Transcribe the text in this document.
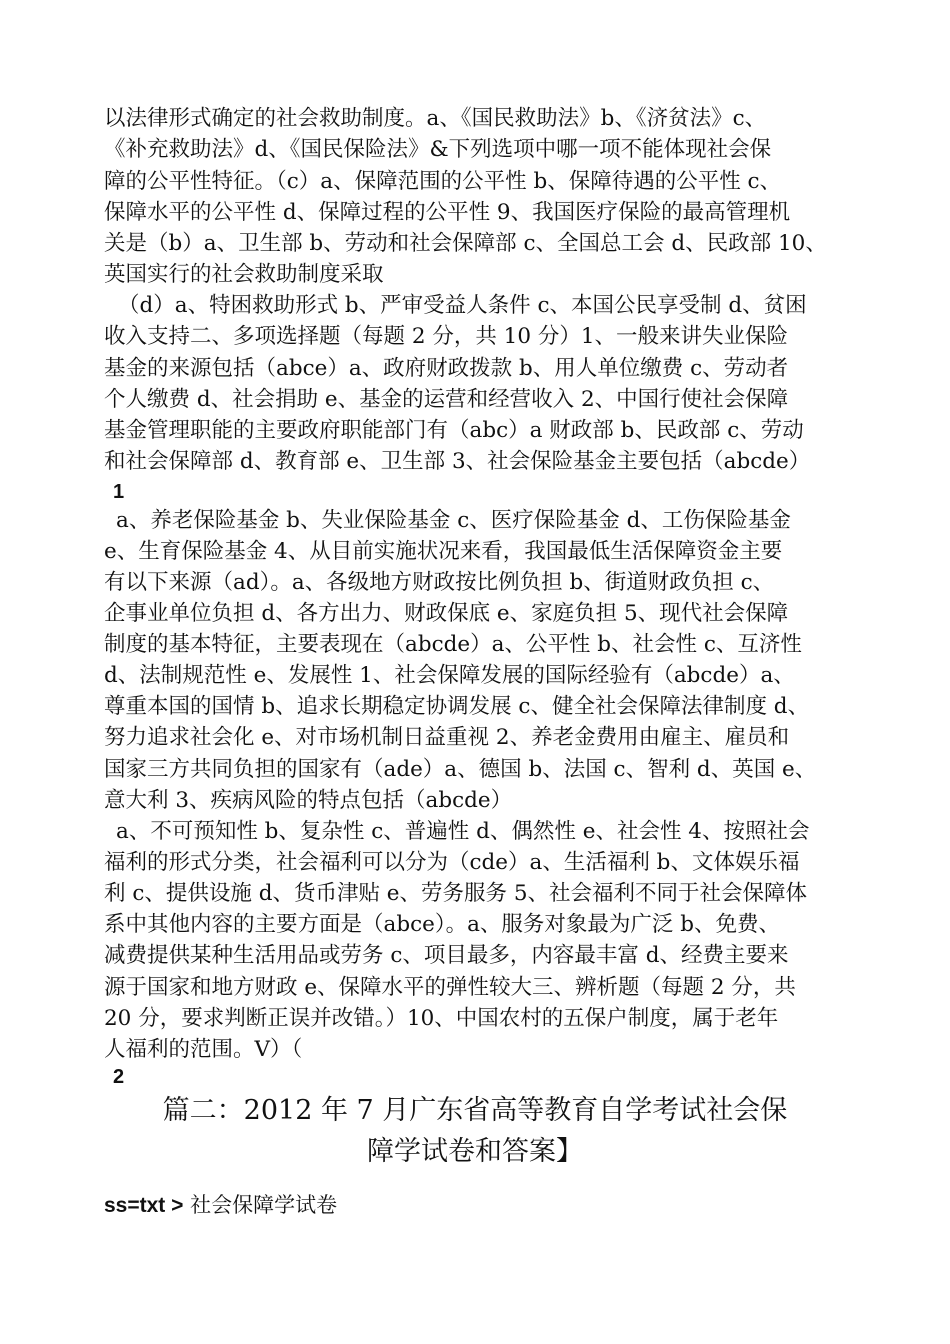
以法律形式确定的社会救助制度。a、《国民救助法》b、《济贫法》c、
《补充救助法》d、《国民保险法》&下列选项中哪一项不能体现社会保
障的公平性特征。（c）a、保障范围的公平性 b、保障待遇的公平性 c、
保障水平的公平性 d、保障过程的公平性 9、我国医疗保险的最高管理机
关是（b）a、卫生部 b、劳动和社会保障部 c、全国总工会 d、民政部 10、
英国实行的社会救助制度采取
（d）a、特困救助形式 b、严审受益人条件 c、本国公民享受制 d、贫困
收入支持二、多项选择题（每题 2 分，共 10 分）1、一般来讲失业保险
基金的来源包括（abce）a、政府财政拨款 b、用人单位缴费 c、劳动者
个人缴费 d、社会捐助 e、基金的运营和经营收入 2、中国行使社会保障
基金管理职能的主要政府职能部门有（abc）a 财政部 b、民政部 c、劳动
和社会保障部 d、教育部 e、卫生部 3、社会保险基金主要包括（abcde）
1
a、养老保险基金 b、失业保险基金 c、医疗保险基金 d、工伤保险基金
e、生育保险基金 4、从目前实施状况来看，我国最低生活保障资金主要
有以下来源（ad）。a、各级地方财政按比例负担 b、街道财政负担 c、
企事业单位负担 d、各方出力、财政保底 e、家庭负担 5、现代社会保障
制度的基本特征，主要表现在（abcde）a、公平性 b、社会性 c、互济性
d、法制规范性 e、发展性 1、社会保障发展的国际经验有（abcde）a、
尊重本国的国情 b、追求长期稳定协调发展 c、健全社会保障法律制度 d、
努力追求社会化 e、对市场机制日益重视 2、养老金费用由雇主、雇员和
国家三方共同负担的国家有（ade）a、德国 b、法国 c、智利 d、英国 e、
意大利 3、疾病风险的特点包括（abcde）
a、不可预知性 b、复杂性 c、普遍性 d、偶然性 e、社会性 4、按照社会
福利的形式分类，社会福利可以分为（cde）a、生活福利 b、文体娱乐福
利 c、提供设施 d、货币津贴 e、劳务服务 5、社会福利不同于社会保障体
系中其他内容的主要方面是（abce）。a、服务对象最为广泛 b、免费、
减费提供某种生活用品或劳务 c、项目最多，内容最丰富 d、经费主要来
源于国家和地方财政 e、保障水平的弹性较大三、辨析题（每题 2 分，共
20 分，要求判断正误并改错。）10、中国农村的五保户制度，属于老年
人福利的范围。V）（
2
篇二：2012 年 7 月广东省高等教育自学考试社会保
障学试卷和答案】
ss=txt > 社会保障学试卷
